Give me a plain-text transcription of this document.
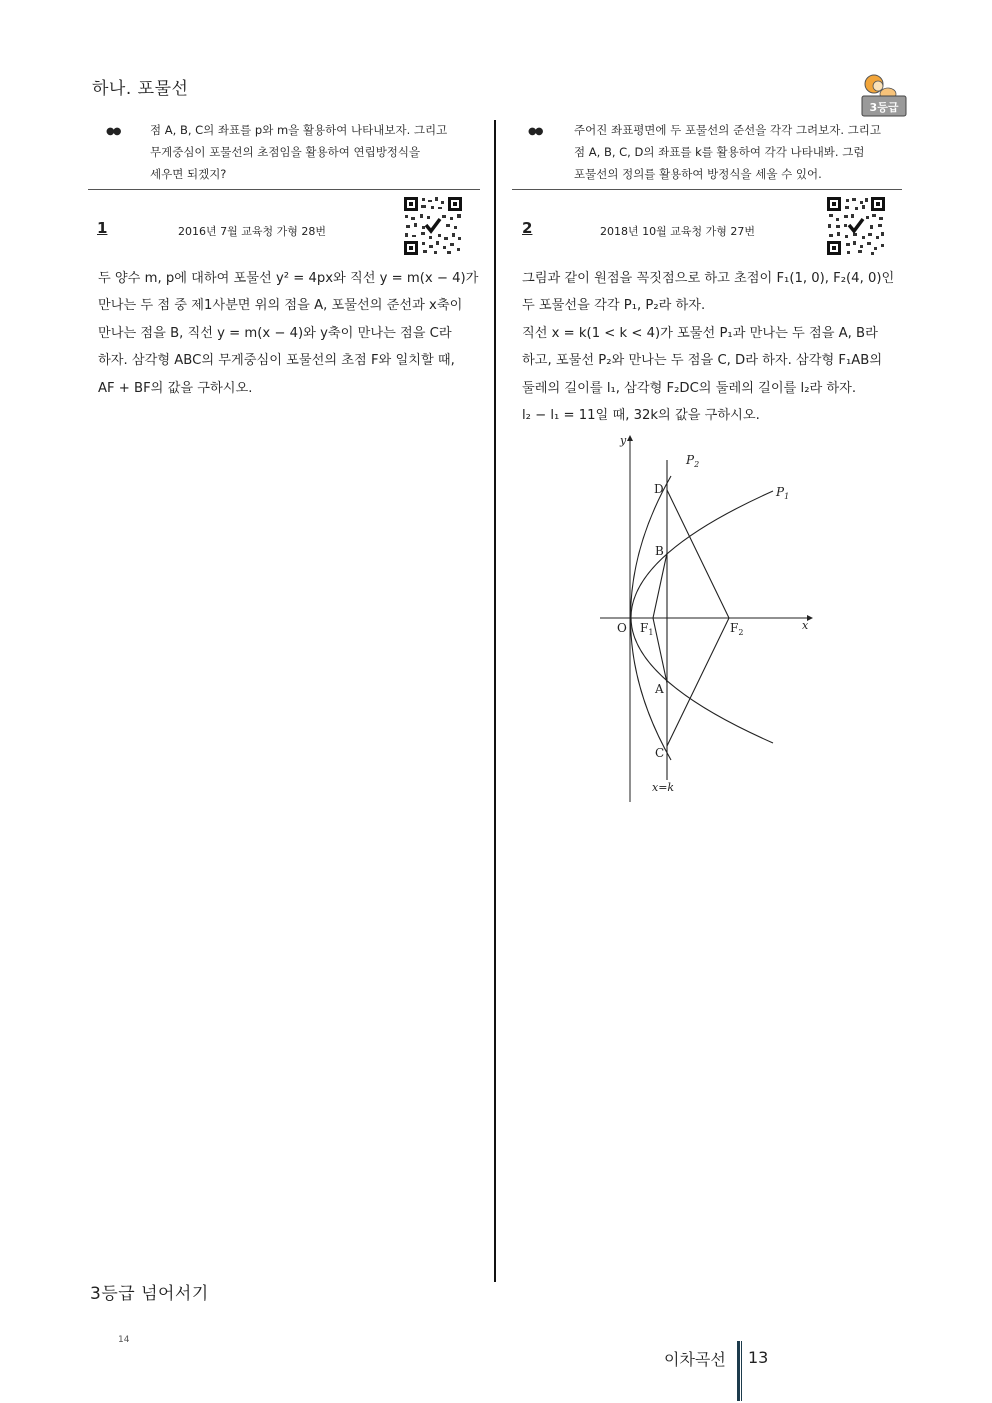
하나. 포물선
3등급
●●	점 A, B, C의 좌표를 p와 m을 활용하여 나타내보자. 그리고
무게중심이 포물선의 초점임을 활용하여 연립방정식을
세우면 되겠지?
1	2016년 7월 교육청 가형 28번
두 양수 m, p에 대하여 포물선 y² = 4px와 직선 y = m(x − 4)가
만나는 두 점 중 제1사분면 위의 점을 A, 포물선의 준선과 x축이
만나는 점을 B, 직선 y = m(x − 4)와 y축이 만나는 점을 C라
하자. 삼각형 ABC의 무게중심이 포물선의 초점 F와 일치할 때,
AF + BF의 값을 구하시오.
●●	주어진 좌표평면에 두 포물선의 준선을 각각 그려보자. 그리고
점 A, B, C, D의 좌표를 k를 활용하여 각각 나타내봐. 그럼
포물선의 정의를 활용하여 방정식을 세울 수 있어.
2	2018년 10월 교육청 가형 27번
그림과 같이 원점을 꼭짓점으로 하고 초점이 F₁(1, 0), F₂(4, 0)인
두 포물선을 각각 P₁, P₂라 하자.
직선 x = k(1 < k < 4)가 포물선 P₁과 만나는 두 점을 A, B라
하고, 포물선 P₂와 만나는 두 점을 C, D라 하자. 삼각형 F₁AB의
둘레의 길이를 l₁, 삼각형 F₂DC의 둘레의 길이를 l₂라 하자.
l₂ − l₁ = 11일 때, 32k의 값을 구하시오.
y
x
O
$P_2$
$P_1$
D
B
A
C
$F_1$	$F_2$
x=k
3등급 넘어서기
14
이차곡선 13
